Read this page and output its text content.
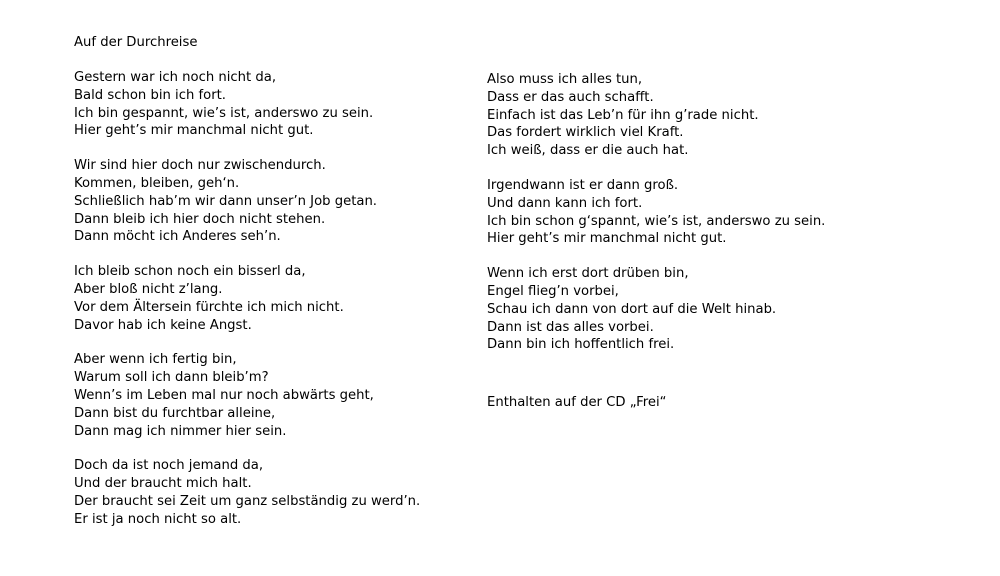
Auf der Durchreise
Gestern war ich noch nicht da,
Bald schon bin ich fort.
Ich bin gespannt, wie’s ist, anderswo zu sein.
Hier geht’s mir manchmal nicht gut.
Wir sind hier doch nur zwischendurch.
Kommen, bleiben, geh‘n.
Schließlich hab’m wir dann unser’n Job getan.
Dann bleib ich hier doch nicht stehen.
Dann möcht ich Anderes seh’n.
Ich bleib schon noch ein bisserl da,
Aber bloß nicht z’lang.
Vor dem Ältersein fürchte ich mich nicht.
Davor hab ich keine Angst.
Aber wenn ich fertig bin,
Warum soll ich dann bleib’m?
Wenn’s im Leben mal nur noch abwärts geht,
Dann bist du furchtbar alleine,
Dann mag ich nimmer hier sein.
Doch da ist noch jemand da,
Und der braucht mich halt.
Der braucht sei Zeit um ganz selbständig zu werd’n.
Er ist ja noch nicht so alt.
Also muss ich alles tun,
Dass er das auch schafft.
Einfach ist das Leb’n für ihn g’rade nicht.
Das fordert wirklich viel Kraft.
Ich weiß, dass er die auch hat.
Irgendwann ist er dann groß.
Und dann kann ich fort.
Ich bin schon g‘spannt, wie’s ist, anderswo zu sein.
Hier geht’s mir manchmal nicht gut.
Wenn ich erst dort drüben bin,
Engel flieg’n vorbei,
Schau ich dann von dort auf die Welt hinab.
Dann ist das alles vorbei.
Dann bin ich hoffentlich frei.
Enthalten auf der CD „Frei“
